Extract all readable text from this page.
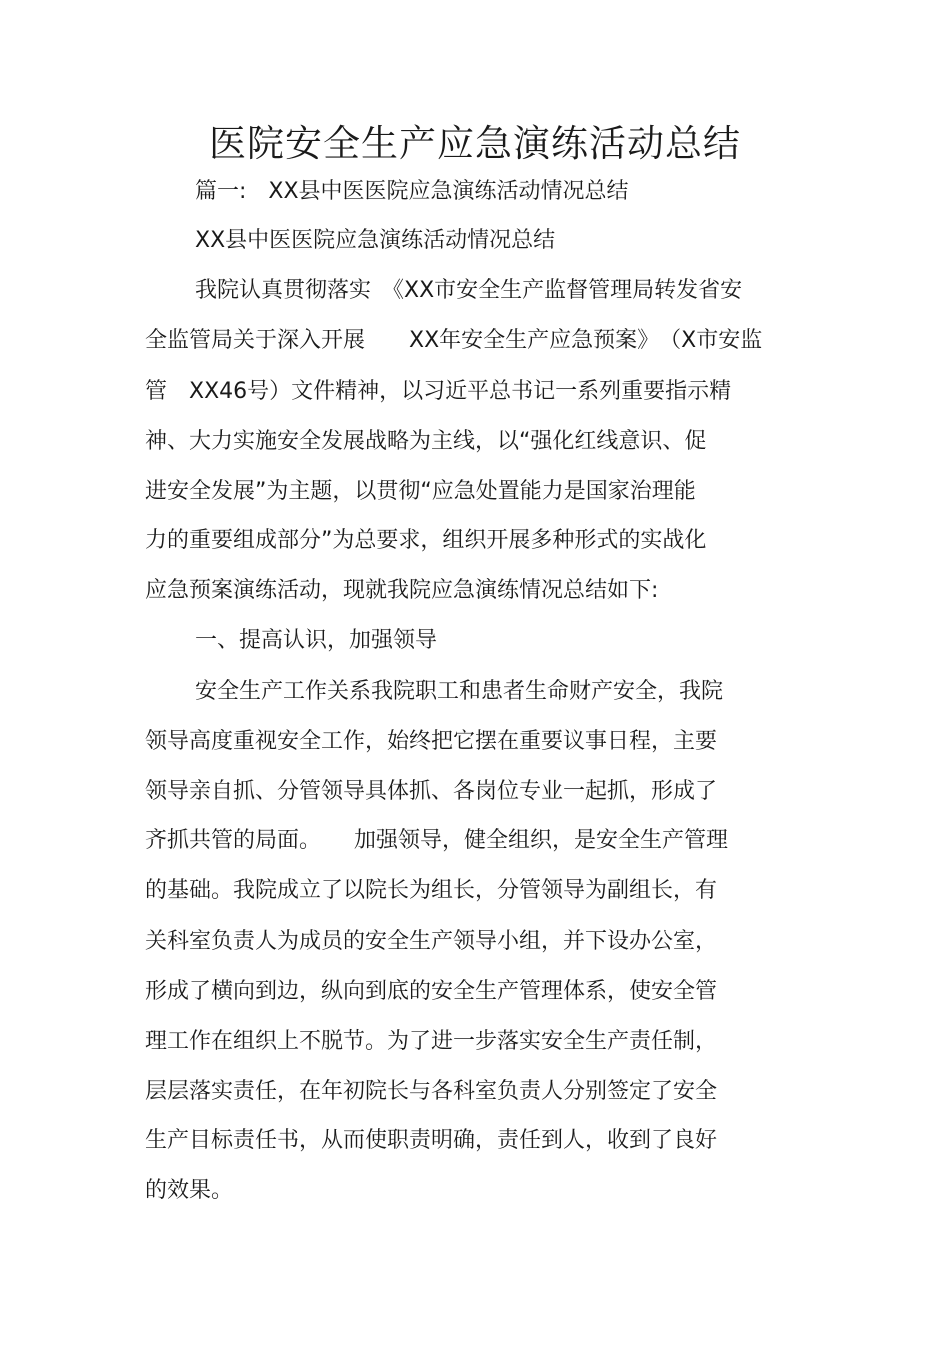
医院安全生产应急演练活动总结
篇一:　XX县中医医院应急演练活动情况总结
XX县中医医院应急演练活动情况总结
我院认真贯彻落实　《XX市安全生产监督管理局转发省安
全监管局关于深入开展　　XX年安全生产应急预案》　（X市安监
管　XX46号）文件精神，以习近平总书记一系列重要指示精
神、大力实施安全发展战略为主线，以“强化红线意识、促
进安全发展”为主题，以贯彻“应急处置能力是国家治理能
力的重要组成部分”为总要求，组织开展多种形式的实战化
应急预案演练活动，现就我院应急演练情况总结如下:
一、提高认识，加强领导
安全生产工作关系我院职工和患者生命财产安全，我院
领导高度重视安全工作，始终把它摆在重要议事日程，主要
领导亲自抓、分管领导具体抓、各岗位专业一起抓，形成了
齐抓共管的局面。　　加强领导，健全组织，是安全生产管理
的基础。我院成立了以院长为组长，分管领导为副组长，有
关科室负责人为成员的安全生产领导小组，并下设办公室，
形成了横向到边，纵向到底的安全生产管理体系，使安全管
理工作在组织上不脱节。为了进一步落实安全生产责任制，
层层落实责任，在年初院长与各科室负责人分别签定了安全
生产目标责任书，从而使职责明确，责任到人，收到了良好
的效果。
